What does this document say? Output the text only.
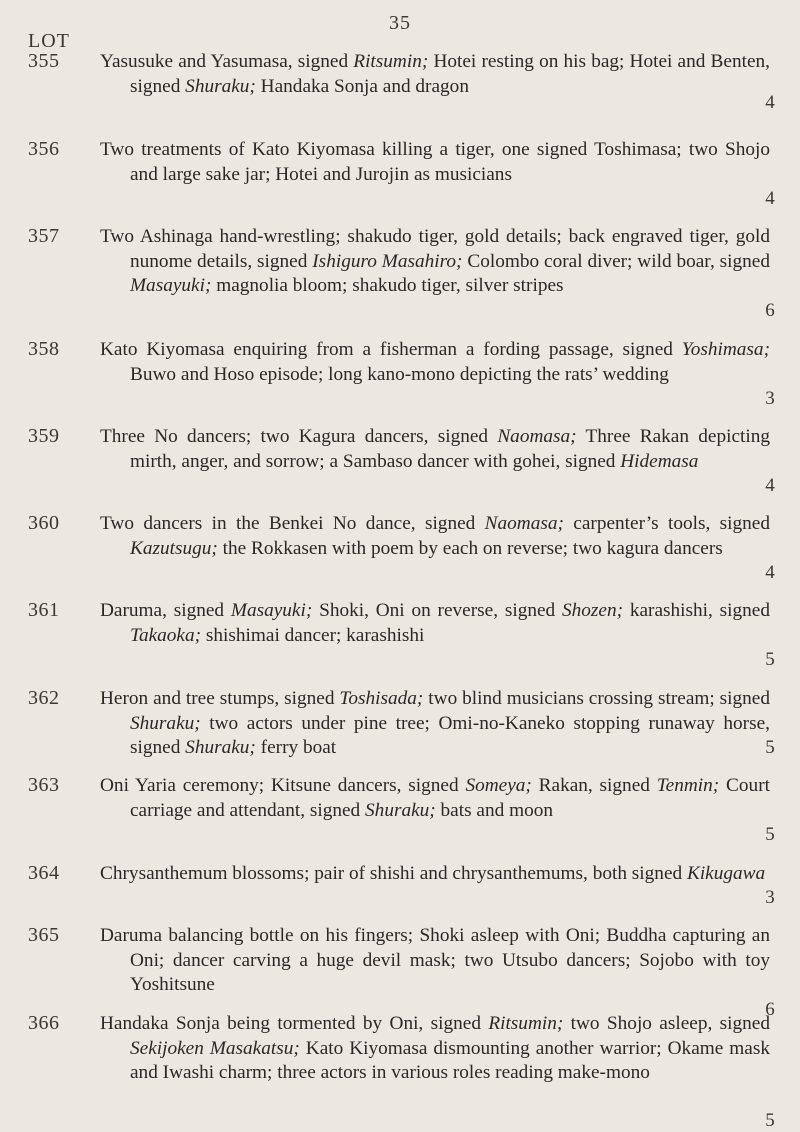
35
LOT
355 Yasusuke and Yasumasa, signed Ritsumin; Hotei resting on his bag; Hotei and Benten, signed Shuraku; Handaka Sonja and dragon
4
356 Two treatments of Kato Kiyomasa killing a tiger, one signed Toshimasa; two Shojo and large sake jar; Hotei and Jurojin as musicians
4
357 Two Ashinaga hand-wrestling; shakudo tiger, gold details; back engraved tiger, gold nunome details, signed Ishiguro Masahiro; Colombo coral diver; wild boar, signed Masayuki; magnolia bloom; shakudo tiger, silver stripes
6
358 Kato Kiyomasa enquiring from a fisherman a fording passage, signed Yoshimasa; Buwo and Hoso episode; long kano-mono depicting the rats’ wedding
3
359 Three No dancers; two Kagura dancers, signed Naomasa; Three Rakan depicting mirth, anger, and sorrow; a Sambaso dancer with gohei, signed Hidemasa
4
360 Two dancers in the Benkei No dance, signed Naomasa; carpenter’s tools, signed Kazutsugu; the Rokkasen with poem by each on reverse; two kagura dancers
4
361 Daruma, signed Masayuki; Shoki, Oni on reverse, signed Shozen; karashishi, signed Takaoka; shishimai dancer; karashishi
5
362 Heron and tree stumps, signed Toshisada; two blind musicians crossing stream; signed Shuraku; two actors under pine tree; Omi-no-Kaneko stopping runaway horse, signed Shuraku; ferry boat	5
363 Oni Yaria ceremony; Kitsune dancers, signed Someya; Rakan, signed Tenmin; Court carriage and attendant, signed Shuraku; bats and moon
5
364 Chrysanthemum blossoms; pair of shishi and chrysanthemums, both signed Kikugawa
3
365 Daruma balancing bottle on his fingers; Shoki asleep with Oni; Buddha capturing an Oni; dancer carving a huge devil mask; two Utsubo dancers; Sojobo with toy Yoshitsune
6
366 Handaka Sonja being tormented by Oni, signed Ritsumin; two Shojo asleep, signed Sekijoken Masakatsu; Kato Kiyomasa dismounting another warrior; Okame mask and Iwashi charm; three actors in various roles reading make-mono
5
